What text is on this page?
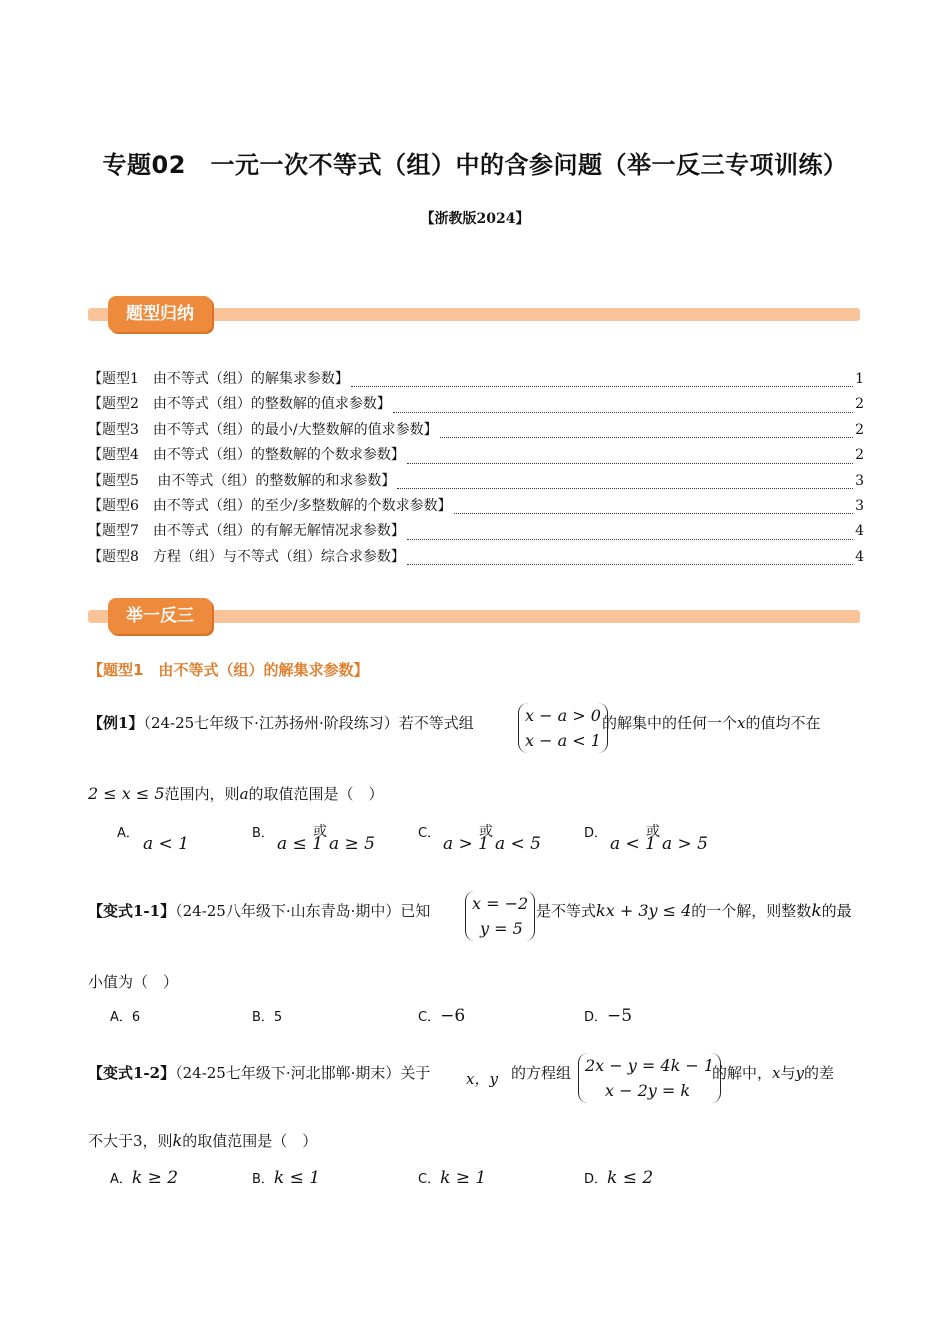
专题02　一元一次不等式（组）中的含参问题（举一反三专项训练）
【浙教版2024】
题型归纳
【题型1　由不等式（组）的解集求参数】	1
【题型2　由不等式（组）的整数解的值求参数】	2
【题型3　由不等式（组）的最小/大整数解的值求参数】	2
【题型4　由不等式（组）的整数解的个数求参数】	2
【题型5　 由不等式（组）的整数解的和求参数】	3
【题型6　由不等式（组）的至少/多整数解的个数求参数】	3
【题型7　由不等式（组）的有解无解情况求参数】	4
【题型8　方程（组）与不等式（组）综合求参数】	4
举一反三
【题型1　由不等式（组）的解集求参数】
【例1】（24-25七年级下·江苏扬州·阶段练习）若不等式组	x − a > 0
x − a < 1
的解集中的任何一个x的值均不在
2 ≤ x ≤ 5范围内，则a的取值范围是（　）
A．
a < 1
B．
a ≤ 1
或
a ≥ 5
C．
a > 1
或
a < 5
D．
a < 1
或
a > 5
【变式1-1】（24-25八年级下·山东青岛·期中）已知	x = −2
y = 5
是不等式kx + 3y ≤ 4的一个解，则整数k的最
小值为（　）
A．6	B．5	C．−6	D．−5
【变式1-2】（24-25七年级下·河北邯郸·期末）关于 x，y 的方程组 2x − y = 4k − 1
x − 2y = k
的解中，x与y的差
不大于3，则k的取值范围是（　）
A．k ≥ 2	B．k ≤ 1	C．k ≥ 1	D．k ≤ 2
